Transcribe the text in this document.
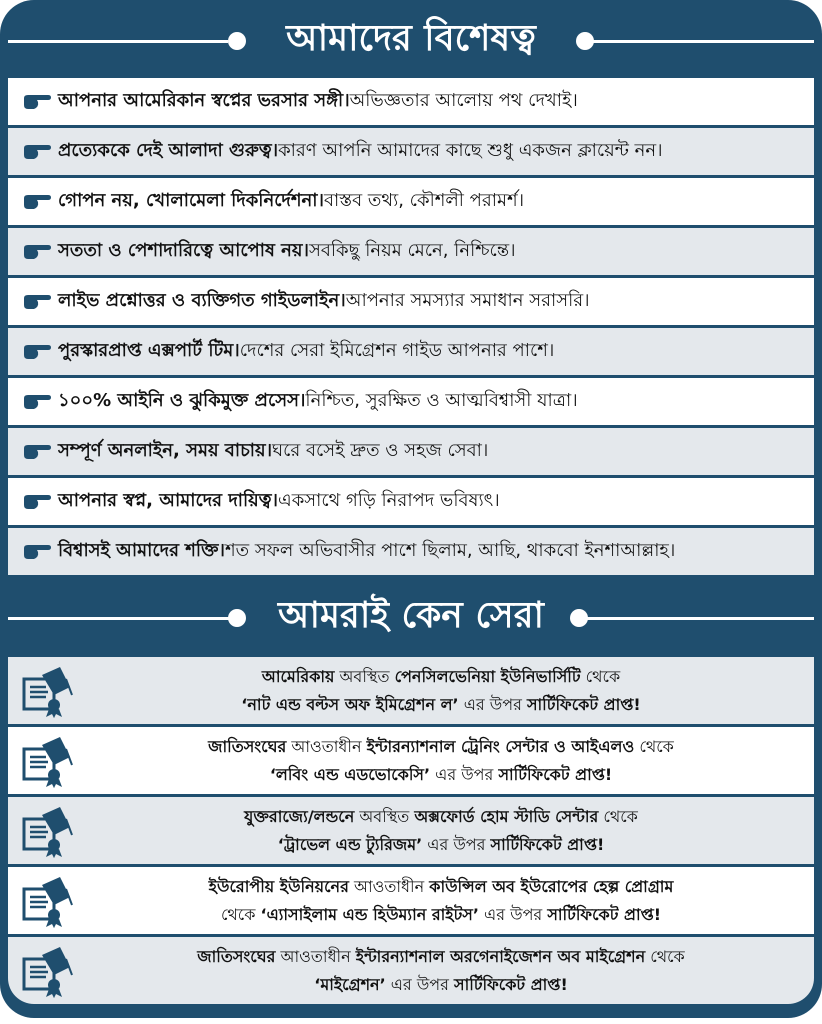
আমাদের বিশেষত্ব
আপনার আমেরিকান স্বপ্নের ভরসার সঙ্গী। অভিজ্ঞতার আলোয় পথ দেখাই।
প্রত্যেককে দেই আলাদা গুরুত্ব। কারণ আপনি আমাদের কাছে শুধু একজন ক্লায়েন্ট নন।
গোপন নয়, খোলামেলা দিকনির্দেশনা। বাস্তব তথ্য, কৌশলী পরামর্শ।
সততা ও পেশাদারিত্বে আপোষ নয়। সবকিছু নিয়ম মেনে, নিশ্চিন্তে।
লাইভ প্রশ্নোত্তর ও ব্যক্তিগত গাইডলাইন। আপনার সমস্যার সমাধান সরাসরি।
পুরস্কারপ্রাপ্ত এক্সপার্ট টিম। দেশের সেরা ইমিগ্রেশন গাইড আপনার পাশে।
১০০% আইনি ও ঝুকিমুক্ত প্রসেস। নিশ্চিত, সুরক্ষিত ও আত্মবিশ্বাসী যাত্রা।
সম্পূর্ণ অনলাইন, সময় বাচায়। ঘরে বসেই দ্রুত ও সহজ সেবা।
আপনার স্বপ্ন, আমাদের দায়িত্ব। একসাথে গড়ি নিরাপদ ভবিষ্যৎ।
বিশ্বাসই আমাদের শক্তি। শত সফল অভিবাসীর পাশে ছিলাম, আছি, থাকবো ইনশাআল্লাহ।
আমরাই কেন সেরা
আমেরিকায় অবস্থিত পেনসিলভেনিয়া ইউনিভার্সিটি থেকে
‘নাট এন্ড বল্টস অফ ইমিগ্রেশন ল’ এর উপর সার্টিফিকেট প্রাপ্ত!
জাতিসংঘের আওতাধীন ইন্টারন্যাশনাল ট্রেনিং সেন্টার ও আইএলও থেকে
‘লবিং এন্ড এডভোকেসি’ এর উপর সার্টিফিকেট প্রাপ্ত!
যুক্তরাজ্যে/লন্ডনে অবস্থিত অক্সফোর্ড হোম স্টাডি সেন্টার থেকে
‘ট্রাভেল এন্ড ট্যুরিজম’ এর উপর সার্টিফিকেট প্রাপ্ত!
ইউরোপীয় ইউনিয়নের আওতাধীন কাউন্সিল অব ইউরোপের হেল্প প্রোগ্রাম
থেকে ‘এ্যাসাইলাম এন্ড হিউম্যান রাইটস’ এর উপর সার্টিফিকেট প্রাপ্ত!
জাতিসংঘের আওতাধীন ইন্টারন্যাশনাল অরগেনাইজেশন অব মাইগ্রেশন থেকে
‘মাইগ্রেশন’ এর উপর সার্টিফিকেট প্রাপ্ত!
